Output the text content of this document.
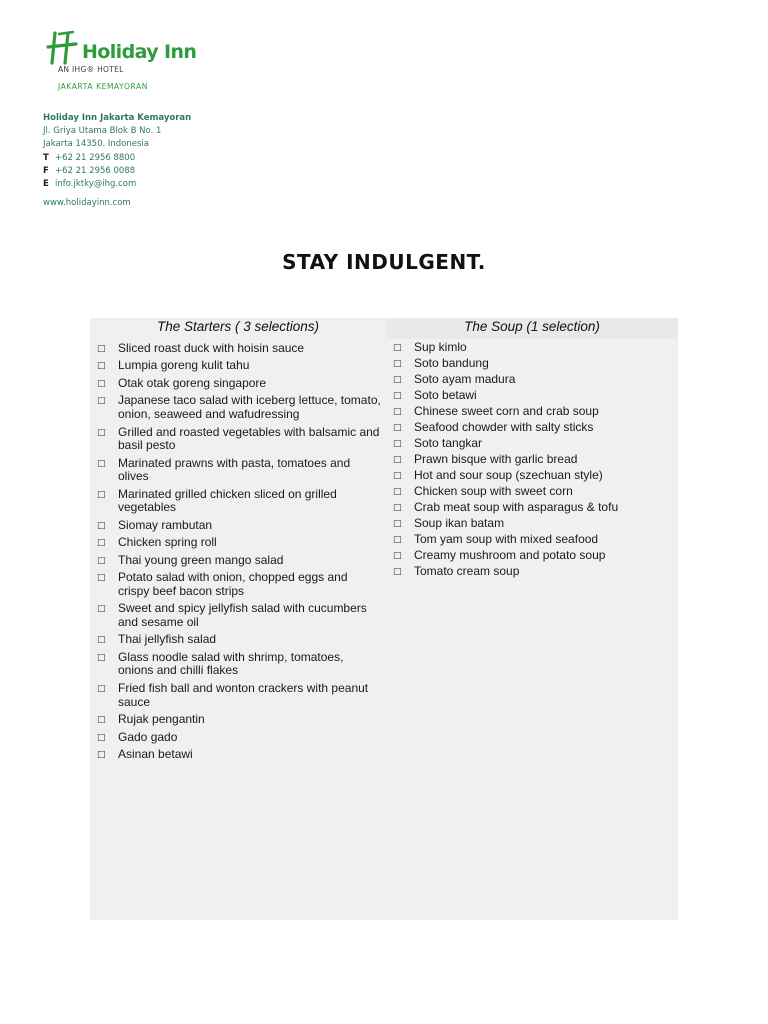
Holiday Inn
AN IHG® HOTEL
JAKARTA KEMAYORAN
Holiday Inn Jakarta Kemayoran
Jl. Griya Utama Blok B No. 1
Jakarta 14350. Indonesia
T +62 21 2956 8800
F +62 21 2956 0088
E info.jktky@ihg.com
www.holidayinn.com
STAY INDULGENT.
The Starters ( 3 selections)
□ Sliced roast duck with hoisin sauce
□ Lumpia goreng kulit tahu
□ Otak otak goreng singapore
□ Japanese taco salad with iceberg lettuce, tomato, onion, seaweed and wafudressing
□ Grilled and roasted vegetables with balsamic and basil pesto
□ Marinated prawns with pasta, tomatoes and olives
□ Marinated grilled chicken sliced on grilled vegetables
□ Siomay rambutan
□ Chicken spring roll
□ Thai young green mango salad
□ Potato salad with onion, chopped eggs and crispy beef bacon strips
□ Sweet and spicy jellyfish salad with cucumbers and sesame oil
□ Thai jellyfish salad
□ Glass noodle salad with shrimp, tomatoes, onions and chilli flakes
□ Fried fish ball and wonton crackers with peanut sauce
□ Rujak pengantin
□ Gado gado
□ Asinan betawi
The Soup (1 selection)
□ Sup kimlo
□ Soto bandung
□ Soto ayam madura
□ Soto betawi
□ Chinese sweet corn and crab soup
□ Seafood chowder with salty sticks
□ Soto tangkar
□ Prawn bisque with garlic bread
□ Hot and sour soup (szechuan style)
□ Chicken soup with sweet corn
□ Crab meat soup with asparagus & tofu
□ Soup ikan batam
□ Tom yam soup with mixed seafood
□ Creamy mushroom and potato soup
□ Tomato cream soup
